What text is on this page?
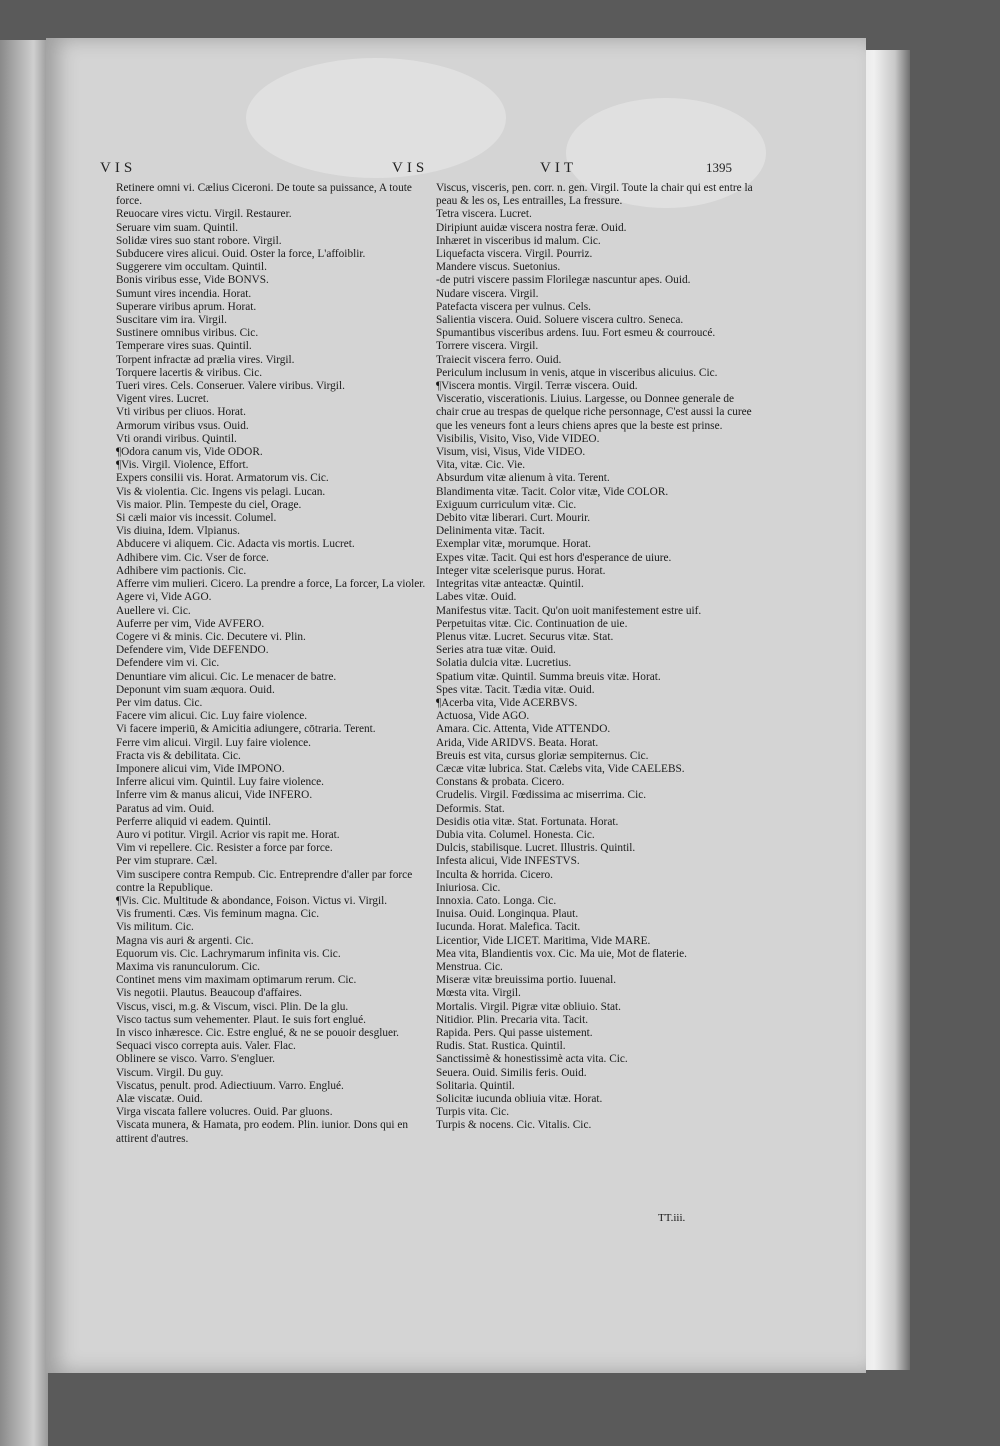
VIS	VIS	VIT	1395

Retinere omni vi. Cælius Ciceroni. De toute sa puissance, A toute force.

Reuocare vires victu. Virgil. Restaurer.

Seruare vim suam. Quintil.

Solidæ vires suo stant robore. Virgil.

Subducere vires alicui. Ouid. Oster la force, L'affoiblir.

Suggerere vim occultam. Quintil.

Bonis viribus esse, Vide BONVS.

Sumunt vires incendia. Horat.

Superare viribus aprum. Horat.

Suscitare vim ira. Virgil.

Sustinere omnibus viribus. Cic.

Temperare vires suas. Quintil.

Torpent infractæ ad prælia vires. Virgil.

Torquere lacertis & viribus. Cic.

Tueri vires. Cels. Conseruer. Valere viribus. Virgil.

Vigent vires. Lucret.

Vti viribus per cliuos. Horat.

Armorum viribus vsus. Ouid.

Vti orandi viribus. Quintil.

¶Odora canum vis, Vide ODOR.

¶Vis. Virgil. Violence, Effort.

Expers consilii vis. Horat. Armatorum vis. Cic.

Vis & violentia. Cic. Ingens vis pelagi. Lucan.

Vis maior. Plin. Tempeste du ciel, Orage.

Si cæli maior vis incessit. Columel.

Vis diuina, Idem. Vlpianus.

Abducere vi aliquem. Cic. Adacta vis mortis. Lucret.

Adhibere vim. Cic. Vser de force.

Adhibere vim pactionis. Cic.

Afferre vim mulieri. Cicero. La prendre a force, La forcer, La violer. Agere vi, Vide AGO.

Auellere vi. Cic.

Auferre per vim, Vide AVFERO.

Cogere vi & minis. Cic. Decutere vi. Plin.

Defendere vim, Vide DEFENDO.

Defendere vim vi. Cic.

Denuntiare vim alicui. Cic. Le menacer de batre.

Deponunt vim suam æquora. Ouid.

Per vim datus. Cic.

Facere vim alicui. Cic. Luy faire violence.

Vi facere imperiū, & Amicitia adiungere, cōtraria. Terent.

Ferre vim alicui. Virgil. Luy faire violence.

Fracta vis & debilitata. Cic.

Imponere alicui vim, Vide IMPONO.

Inferre alicui vim. Quintil. Luy faire violence.

Inferre vim & manus alicui, Vide INFERO.

Paratus ad vim. Ouid.

Perferre aliquid vi eadem. Quintil.

Auro vi potitur. Virgil. Acrior vis rapit me. Horat.

Vim vi repellere. Cic. Resister a force par force.

Per vim stuprare. Cæl.

Vim suscipere contra Rempub. Cic. Entreprendre d'aller par force contre la Republique.

¶Vis. Cic. Multitude & abondance, Foison. Victus vi. Virgil.

Vis frumenti. Cæs. Vis feminum magna. Cic.

Vis militum. Cic.

Magna vis auri & argenti. Cic.

Equorum vis. Cic. Lachrymarum infinita vis. Cic.

Maxima vis ranunculorum. Cic.

Continet mens vim maximam optimarum rerum. Cic.

Vis negotii. Plautus. Beaucoup d'affaires.

Viscus, visci, m.g. & Viscum, visci. Plin. De la glu.

Visco tactus sum vehementer. Plaut. Ie suis fort englué.

In visco inhæresce. Cic. Estre englué, & ne se pouoir desgluer.

Sequaci visco correpta auis. Valer. Flac.

Oblinere se visco. Varro. S'engluer.

Viscum. Virgil. Du guy.

Viscatus, penult. prod. Adiectiuum. Varro. Englué.

Alæ viscatæ. Ouid.

Virga viscata fallere volucres. Ouid. Par gluons.

Viscata munera, & Hamata, pro eodem. Plin. iunior. Dons qui en attirent d'autres.

Viscus, visceris, pen. corr. n. gen. Virgil. Toute la chair qui est entre la peau & les os, Les entrailles, La fressure.

Tetra viscera. Lucret.

Diripiunt auidæ viscera nostra feræ. Ouid.

Inhæret in visceribus id malum. Cic.

Liquefacta viscera. Virgil. Pourriz.

Mandere viscus. Suetonius.

-de putri viscere passim Florilegæ nascuntur apes. Ouid.

Nudare viscera. Virgil.

Patefacta viscera per vulnus. Cels.

Salientia viscera. Ouid. Soluere viscera cultro. Seneca.

Spumantibus visceribus ardens. Iuu. Fort esmeu & courroucé.

Torrere viscera. Virgil.

Traiecit viscera ferro. Ouid.

Periculum inclusum in venis, atque in visceribus alicuius. Cic.

¶Viscera montis. Virgil. Terræ viscera. Ouid.

Visceratio, viscerationis. Liuius. Largesse, ou Donnee generale de chair crue au trespas de quelque riche personnage, C'est aussi la curee que les veneurs font a leurs chiens apres que la beste est prinse.

Visibilis, Visito, Viso, Vide VIDEO.

Visum, visi, Visus, Vide VIDEO.

Vita, vitæ. Cic. Vie.

Absurdum vitæ alienum à vita. Terent.

Blandimenta vitæ. Tacit. Color vitæ, Vide COLOR.

Exiguum curriculum vitæ. Cic.

Debito vitæ liberari. Curt. Mourir.

Delinimenta vitæ. Tacit.

Exemplar vitæ, morumque. Horat.

Expes vitæ. Tacit. Qui est hors d'esperance de uiure.

Integer vitæ scelerisque purus. Horat.

Integritas vitæ anteactæ. Quintil.

Labes vitæ. Ouid.

Manifestus vitæ. Tacit. Qu'on uoit manifestement estre uif.

Perpetuitas vitæ. Cic. Continuation de uie.

Plenus vitæ. Lucret. Securus vitæ. Stat.

Series atra tuæ vitæ. Ouid.

Solatia dulcia vitæ. Lucretius.

Spatium vitæ. Quintil. Summa breuis vitæ. Horat.

Spes vitæ. Tacit. Tædia vitæ. Ouid.

¶Acerba vita, Vide ACERBVS.

Actuosa, Vide AGO.

Amara. Cic. Attenta, Vide ATTENDO.

Arida, Vide ARIDVS. Beata. Horat.

Breuis est vita, cursus gloriæ sempiternus. Cic.

Cæcæ vitæ lubrica. Stat. Cælebs vita, Vide CAELEBS.

Constans & probata. Cicero.

Crudelis. Virgil. Fœdissima ac miserrima. Cic.

Deformis. Stat.

Desidis otia vitæ. Stat. Fortunata. Horat.

Dubia vita. Columel. Honesta. Cic.

Dulcis, stabilisque. Lucret. Illustris. Quintil.

Infesta alicui, Vide INFESTVS.

Inculta & horrida. Cicero.

Iniuriosa. Cic.

Innoxia. Cato. Longa. Cic.

Inuisa. Ouid. Longinqua. Plaut.

Iucunda. Horat. Malefica. Tacit.

Licentior, Vide LICET. Maritima, Vide MARE.

Mea vita, Blandientis vox. Cic. Ma uie, Mot de flaterie.

Menstrua. Cic.

Miseræ vitæ breuissima portio. Iuuenal.

Mœsta vita. Virgil.

Mortalis. Virgil. Pigræ vitæ obliuio. Stat.

Nitidior. Plin. Precaria vita. Tacit.

Rapida. Pers. Qui passe uistement.

Rudis. Stat. Rustica. Quintil.

Sanctissimè & honestissimè acta vita. Cic.

Seuera. Ouid. Similis feris. Ouid.

Solitaria. Quintil.

Solicitæ iucunda obliuia vitæ. Horat.

Turpis vita. Cic.

Turpis & nocens. Cic. Vitalis. Cic.

TT.iii.
